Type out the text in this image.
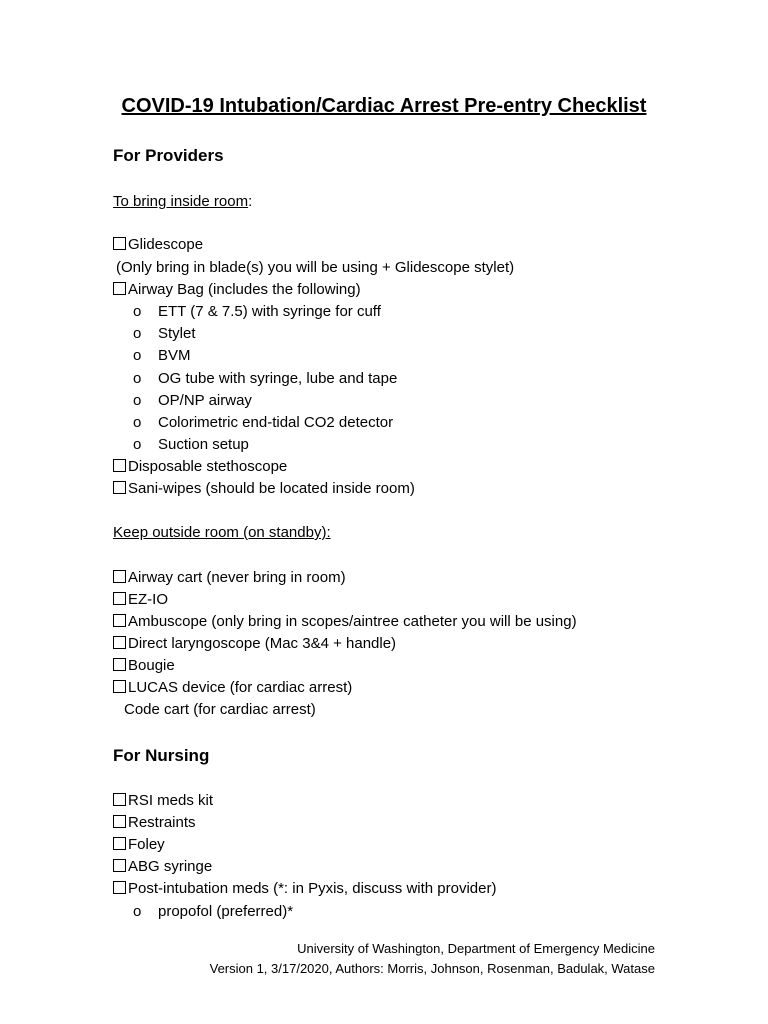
COVID-19 Intubation/Cardiac Arrest Pre-entry Checklist
For Providers
To bring inside room:
Glidescope
(Only bring in blade(s) you will be using + Glidescope stylet)
Airway Bag (includes the following)
o ETT (7 & 7.5) with syringe for cuff
o Stylet
o BVM
o OG tube with syringe, lube and tape
o OP/NP airway
o Colorimetric end-tidal CO2 detector
o Suction setup
Disposable stethoscope
Sani-wipes (should be located inside room)
Keep outside room (on standby):
Airway cart (never bring in room)
EZ-IO
Ambuscope (only bring in scopes/aintree catheter you will be using)
Direct laryngoscope (Mac 3&4 + handle)
Bougie
LUCAS device (for cardiac arrest)
Code cart (for cardiac arrest)
For Nursing
RSI meds kit
Restraints
Foley
ABG syringe
Post-intubation meds (*: in Pyxis, discuss with provider)
o propofol (preferred)*
University of Washington, Department of Emergency Medicine
Version 1, 3/17/2020, Authors: Morris, Johnson, Rosenman, Badulak, Watase
